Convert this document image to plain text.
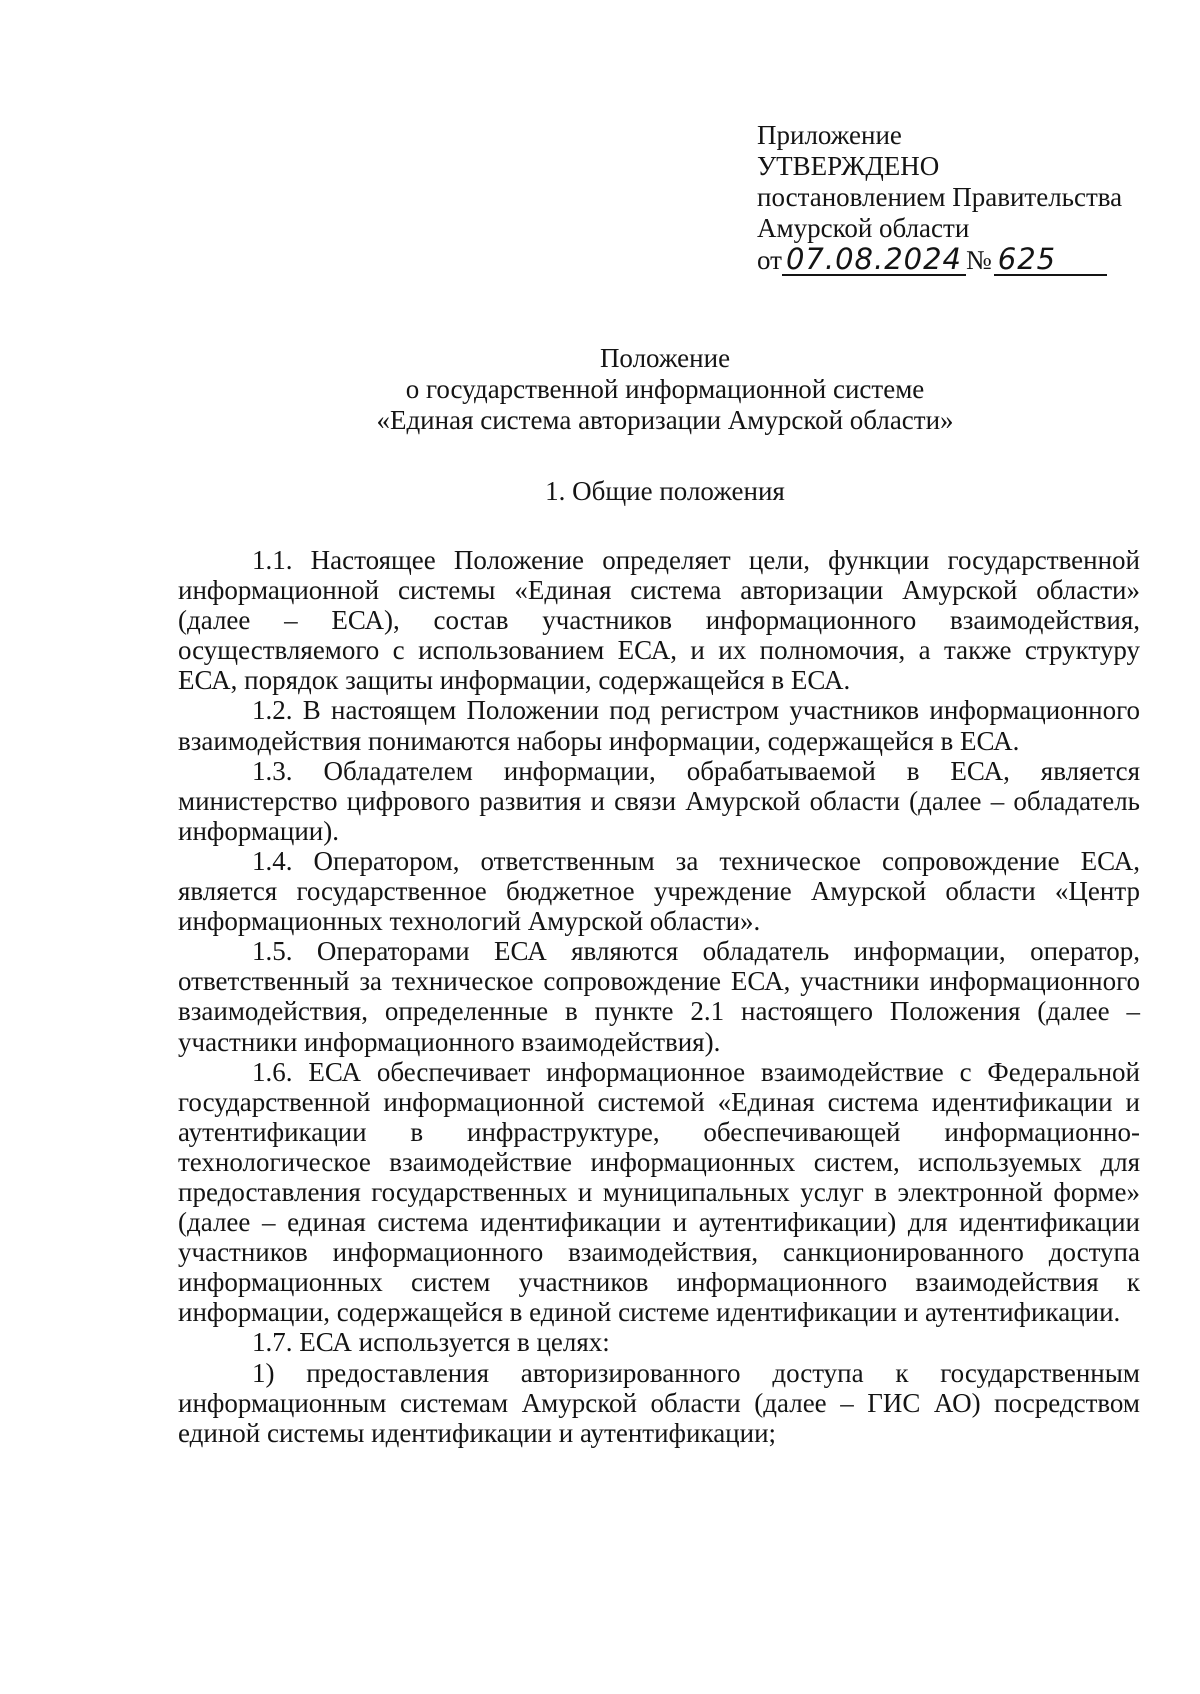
Приложение
УТВЕРЖДЕНО
постановлением Правительства
Амурской области
от 07.08.2024 № 625
Положение
о государственной информационной системе
«Единая система авторизации Амурской области»
1. Общие положения

1.1. Настоящее Положение определяет цели, функции государственной информационной системы «Единая система авторизации Амурской области» (далее – ЕСА), состав участников информационного взаимодействия, осуществляемого с использованием ЕСА, и их полномочия, а также структуру ЕСА, порядок защиты информации, содержащейся в ЕСА.

1.2. В настоящем Положении под регистром участников информационного взаимодействия понимаются наборы информации, содержащейся в ЕСА.

1.3. Обладателем информации, обрабатываемой в ЕСА, является министерство цифрового развития и связи Амурской области (далее – обладатель информации).

1.4. Оператором, ответственным за техническое сопровождение ЕСА, является государственное бюджетное учреждение Амурской области «Центр информационных технологий Амурской области».

1.5. Операторами ЕСА являются обладатель информации, оператор, ответственный за техническое сопровождение ЕСА, участники информационного взаимодействия, определенные в пункте 2.1 настоящего Положения (далее – участники информационного взаимодействия).

1.6. ЕСА обеспечивает информационное взаимодействие с Федеральной государственной информационной системой «Единая система идентификации и аутентификации в инфраструктуре, обеспечивающей информационно-технологическое взаимодействие информационных систем, используемых для предоставления государственных и муниципальных услуг в электронной форме» (далее – единая система идентификации и аутентификации) для идентификации участников информационного взаимодействия, санкционированного доступа информационных систем участников информационного взаимодействия к информации, содержащейся в единой системе идентификации и аутентификации.

1.7. ЕСА используется в целях:

1) предоставления авторизированного доступа к государственным информационным системам Амурской области (далее – ГИС АО) посредством единой системы идентификации и аутентификации;
